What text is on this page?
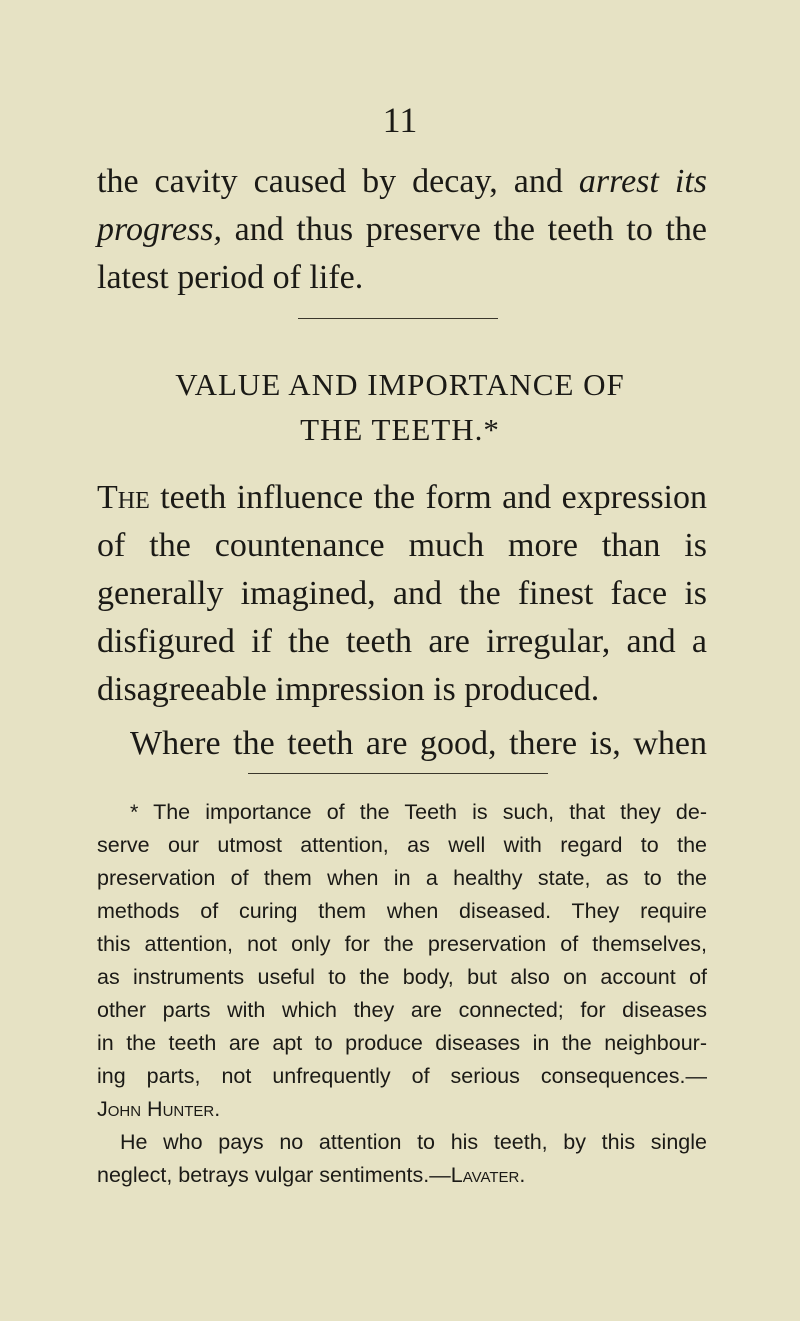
11
the cavity caused by decay, and arrest its
progress, and thus preserve the teeth to the
latest period of life.
VALUE AND IMPORTANCE OF
THE TEETH.*
The teeth influence the form and expression
of the countenance much more than is
generally imagined, and the finest face is
disfigured if the teeth are irregular, and a
disagreeable impression is produced.
Where the teeth are good, there is, when
* The importance of the Teeth is such, that they de-
serve our utmost attention, as well with regard to the
preservation of them when in a healthy state, as to the
methods of curing them when diseased. They require
this attention, not only for the preservation of themselves,
as instruments useful to the body, but also on account of
other parts with which they are connected; for diseases
in the teeth are apt to produce diseases in the neighbour-
ing parts, not unfrequently of serious consequences.—
John Hunter.
He who pays no attention to his teeth, by this single
neglect, betrays vulgar sentiments.—Lavater.
